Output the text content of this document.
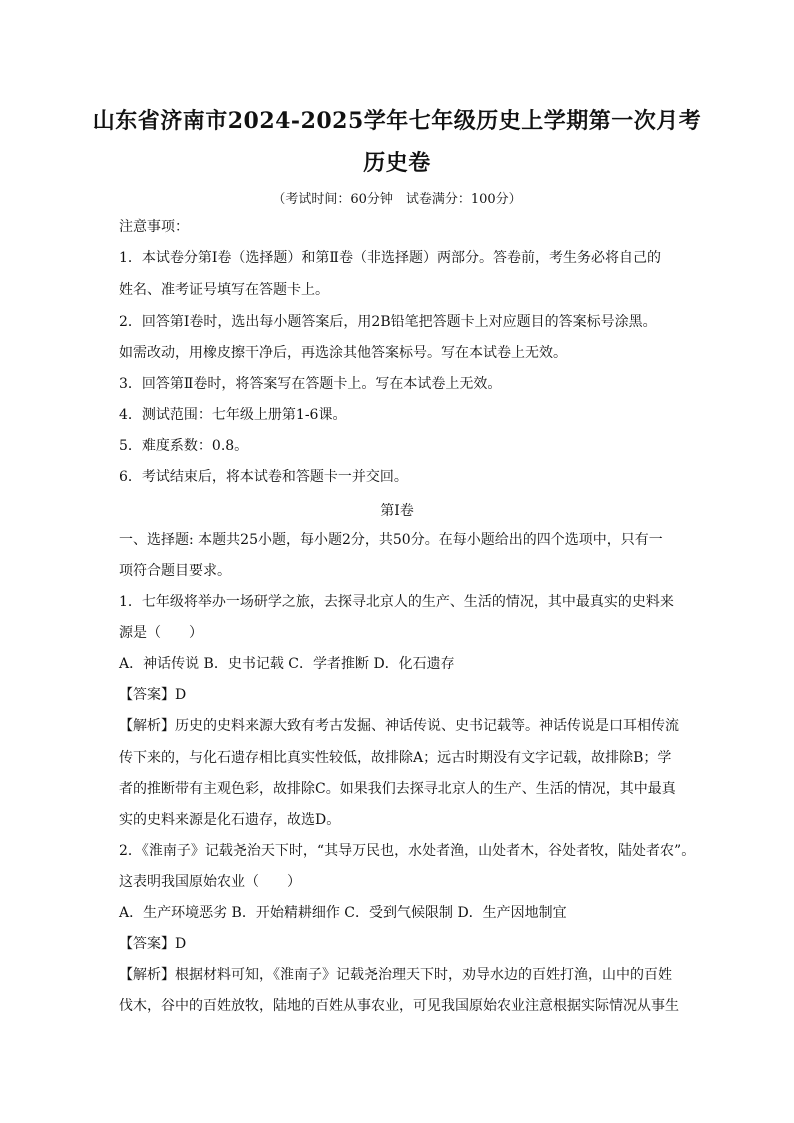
山东省济南市2024-2025学年七年级历史上学期第一次月考
历史卷
（考试时间：60分钟　试卷满分：100分）
注意事项：
1．本试卷分第Ⅰ卷（选择题）和第Ⅱ卷（非选择题）两部分。答卷前，考生务必将自己的
姓名、准考证号填写在答题卡上。
2．回答第Ⅰ卷时，选出每小题答案后，用2B铅笔把答题卡上对应题目的答案标号涂黑。
如需改动，用橡皮擦干净后，再选涂其他答案标号。写在本试卷上无效。
3．回答第Ⅱ卷时，将答案写在答题卡上。写在本试卷上无效。
4．测试范围：七年级上册第1-6课。
5．难度系数：0.8。
6．考试结束后，将本试卷和答题卡一并交回。
第Ⅰ卷
一、选择题: 本题共25小题，每小题2分，共50分。在每小题给出的四个选项中，只有一
项符合题目要求。
1．七年级将举办一场研学之旅，去探寻北京人的生产、生活的情况，其中最真实的史料来
源是（　　）
A．神话传说 B．史书记载 C．学者推断 D．化石遗存
【答案】D
【解析】历史的史料来源大致有考古发掘、神话传说、史书记载等。神话传说是口耳相传流
传下来的，与化石遗存相比真实性较低，故排除A；远古时期没有文字记载，故排除B；学
者的推断带有主观色彩，故排除C。如果我们去探寻北京人的生产、生活的情况，其中最真
实的史料来源是化石遗存，故选D。
2．《淮南子》记载尧治天下时，“其导万民也，水处者渔，山处者木，谷处者牧，陆处者农”。
这表明我国原始农业（　　）
A．生产环境恶劣 B．开始精耕细作 C．受到气候限制 D．生产因地制宜
【答案】D
【解析】根据材料可知，《淮南子》记载尧治理天下时，劝导水边的百姓打渔，山中的百姓
伐木，谷中的百姓放牧，陆地的百姓从事农业，可见我国原始农业注意根据实际情况从事生
